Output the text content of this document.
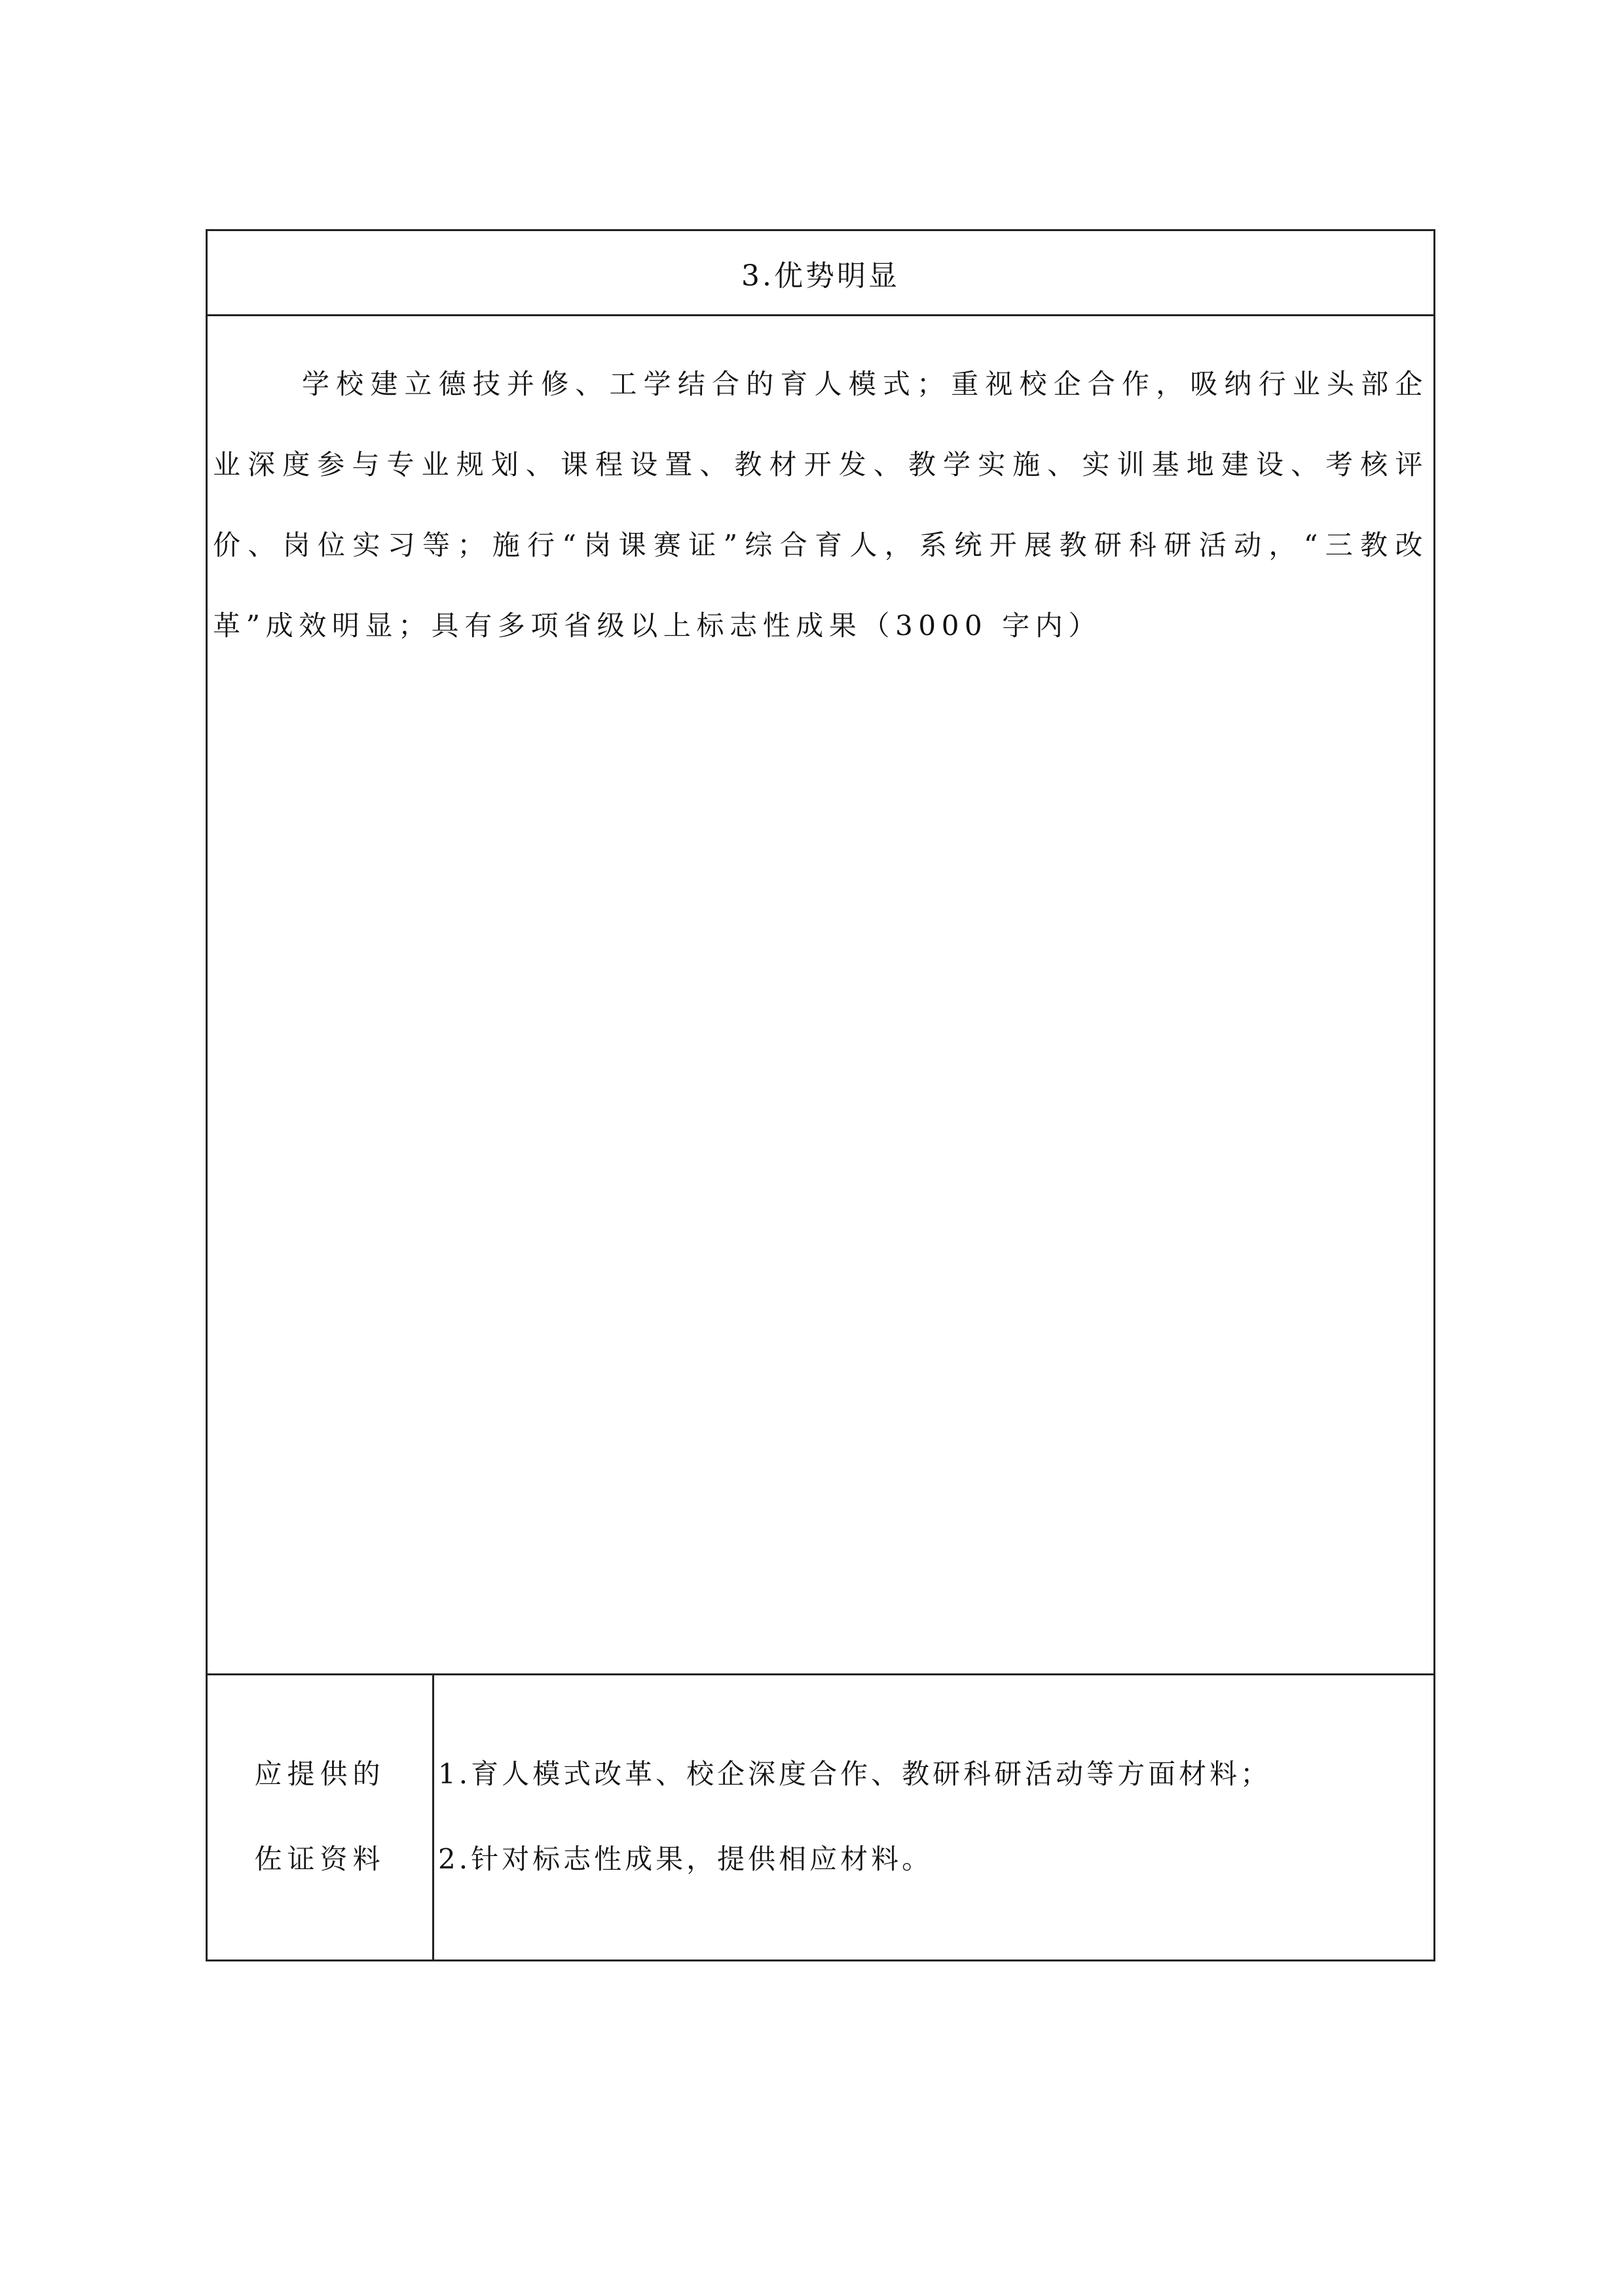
3.优势明显

学校建立德技并修、工学结合的育人模式；重视校企合作，吸纳行业头部企业深度参与专业规划、课程设置、教材开发、教学实施、实训基地建设、考核评价、岗位实习等；施行“岗课赛证”综合育人，系统开展教研科研活动，“三教改革”成效明显；具有多项省级以上标志性成果（3000 字内）

应提供的
佐证资料
1.育人模式改革、校企深度合作、教研科研活动等方面材料；
2.针对标志性成果，提供相应材料。
